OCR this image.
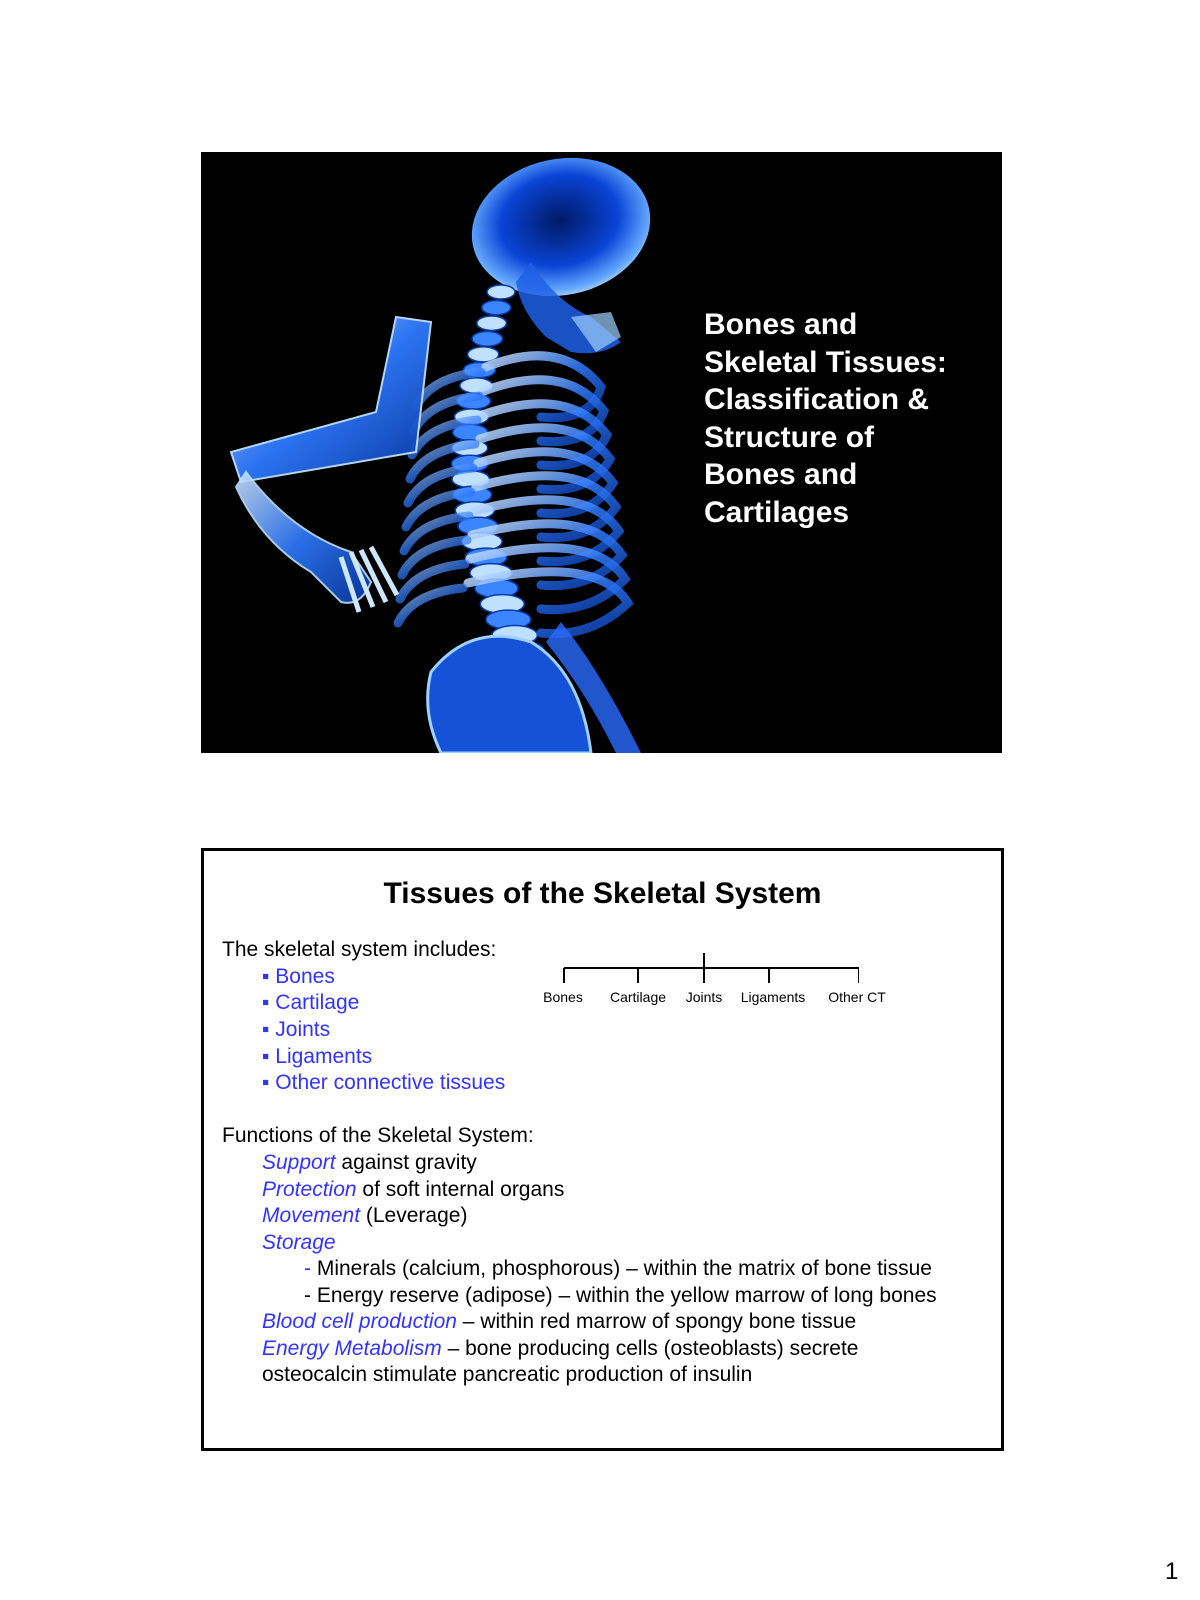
Bones and
Skeletal Tissues:
Classification &
Structure of
Bones and
Cartilages
Tissues of the Skeletal System
The skeletal system includes:
▪ Bones
▪ Cartilage
▪ Joints
▪ Ligaments
▪ Other connective tissues
Bones Cartilage Joints Ligaments Other CT
Functions of the Skeletal System:
Support against gravity
Protection of soft internal organs
Movement (Leverage)
Storage
- Minerals (calcium, phosphorous) – within the matrix of bone tissue
- Energy reserve (adipose) – within the yellow marrow of long bones
Blood cell production – within red marrow of spongy bone tissue
Energy Metabolism – bone producing cells (osteoblasts) secrete
osteocalcin stimulate pancreatic production of insulin
1
